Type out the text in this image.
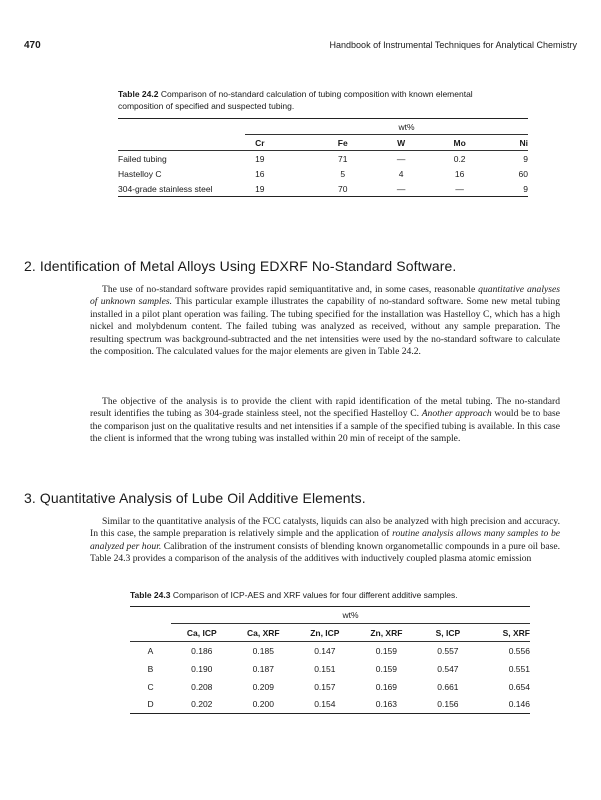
470	Handbook of Instrumental Techniques for Analytical Chemistry
Table 24.2 Comparison of no-standard calculation of tubing composition with known elemental composition of specified and suspected tubing.
	wt%				
	Cr	Fe	W	Mo	Ni
Failed tubing	19	71	—	0.2	9
Hastelloy C	16	5	4	16	60
304-grade stainless steel	19	70	—	—	9
2. Identification of Metal Alloys Using EDXRF No-Standard Software.

The use of no-standard software provides rapid semiquantitative and, in some cases, reasonable quantitative analyses of unknown samples. This particular example illustrates the capability of no-standard software. Some new metal tubing installed in a pilot plant operation was failing. The tubing specified for the installation was Hastelloy C, which has a high nickel and molybdenum content. The failed tubing was analyzed as received, without any sample preparation. The resulting spectrum was background-subtracted and the net intensities were used by the no-standard software to calculate the composition. The calculated values for the major elements are given in Table 24.2.

The objective of the analysis is to provide the client with rapid identification of the metal tubing. The no-standard result identifies the tubing as 304-grade stainless steel, not the specified Hastelloy C. Another approach would be to base the comparison just on the qualitative results and net intensities if a sample of the specified tubing is available. In this case the client is informed that the wrong tubing was installed within 20 min of receipt of the sample.

3. Quantitative Analysis of Lube Oil Additive Elements.

Similar to the quantitative analysis of the FCC catalysts, liquids can also be analyzed with high precision and accuracy. In this case, the sample preparation is relatively simple and the application of routine analysis allows many samples to be analyzed per hour. Calibration of the instrument consists of blending known organometallic compounds in a pure oil base. Table 24.3 provides a comparison of the analysis of the additives with inductively coupled plasma atomic emission

Table 24.3 Comparison of ICP-AES and XRF values for four different additive samples.
	wt%					
	Ca, ICP	Ca, XRF	Zn, ICP	Zn, XRF	S, ICP	S, XRF
A	0.186	0.185	0.147	0.159	0.557	0.556
B	0.190	0.187	0.151	0.159	0.547	0.551
C	0.208	0.209	0.157	0.169	0.661	0.654
D	0.202	0.200	0.154	0.163	0.156	0.146
